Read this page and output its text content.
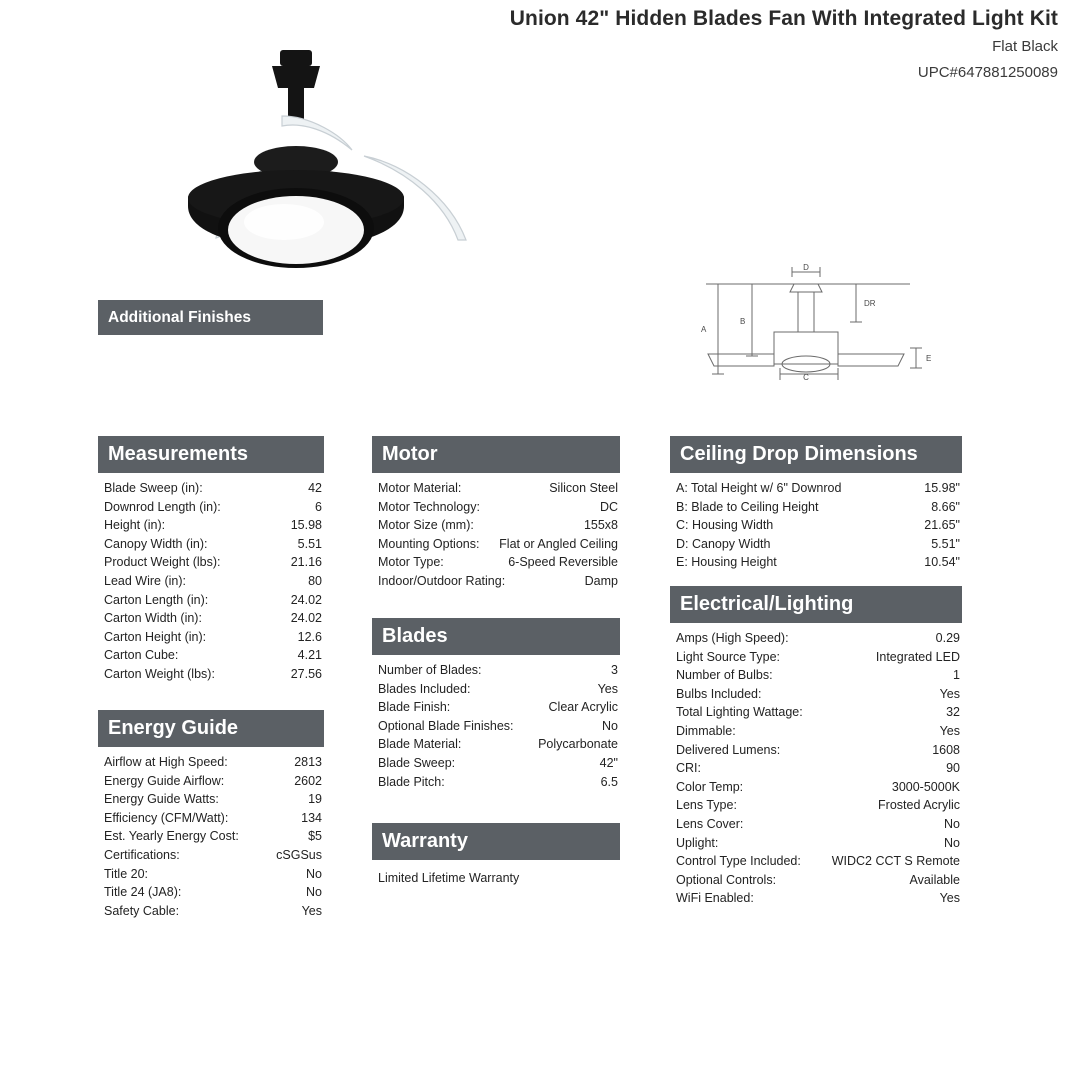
Union 42" Hidden Blades Fan With Integrated Light Kit
Flat Black
UPC#647881250089
Additional Finishes
A
B
C
D
E
DR
Measurements
Blade Sweep (in):	42
Downrod Length (in):	6
Height (in):	15.98
Canopy Width (in):	5.51
Product Weight (lbs):	21.16
Lead Wire (in):	80
Carton Length (in):	24.02
Carton Width (in):	24.02
Carton Height (in):	12.6
Carton Cube:	4.21
Carton Weight (lbs):	27.56
Energy Guide
Airflow at High Speed:	2813
Energy Guide Airflow:	2602
Energy Guide Watts:	19
Efficiency (CFM/Watt):	134
Est. Yearly Energy Cost:	$5
Certifications:	cSGSus
Title 20:	No
Title 24 (JA8):	No
Safety Cable:	Yes
Motor
Motor Material:	Silicon Steel
Motor Technology:	DC
Motor Size (mm):	155x8
Mounting Options: Flat or Angled Ceiling
Motor Type:	6-Speed Reversible
Indoor/Outdoor Rating:	Damp
Blades
Number of Blades:	3
Blades Included:	Yes
Blade Finish:	Clear Acrylic
Optional Blade Finishes:	No
Blade Material:	Polycarbonate
Blade Sweep:	42"
Blade Pitch:	6.5
Warranty
Limited Lifetime Warranty
Ceiling Drop Dimensions
A: Total Height w/ 6" Downrod	15.98"
B: Blade to Ceiling Height	8.66"
C: Housing Width	21.65"
D: Canopy Width	5.51"
E: Housing Height	10.54"
Electrical/Lighting
Amps (High Speed):	0.29
Light Source Type:	Integrated LED
Number of Bulbs:	1
Bulbs Included:	Yes
Total Lighting Wattage:	32
Dimmable:	Yes
Delivered Lumens:	1608
CRI:	90
Color Temp:	3000-5000K
Lens Type:	Frosted Acrylic
Lens Cover:	No
Uplight:	No
Control Type Included: WIDC2 CCT S Remote
Optional Controls:	Available
WiFi Enabled:	Yes
